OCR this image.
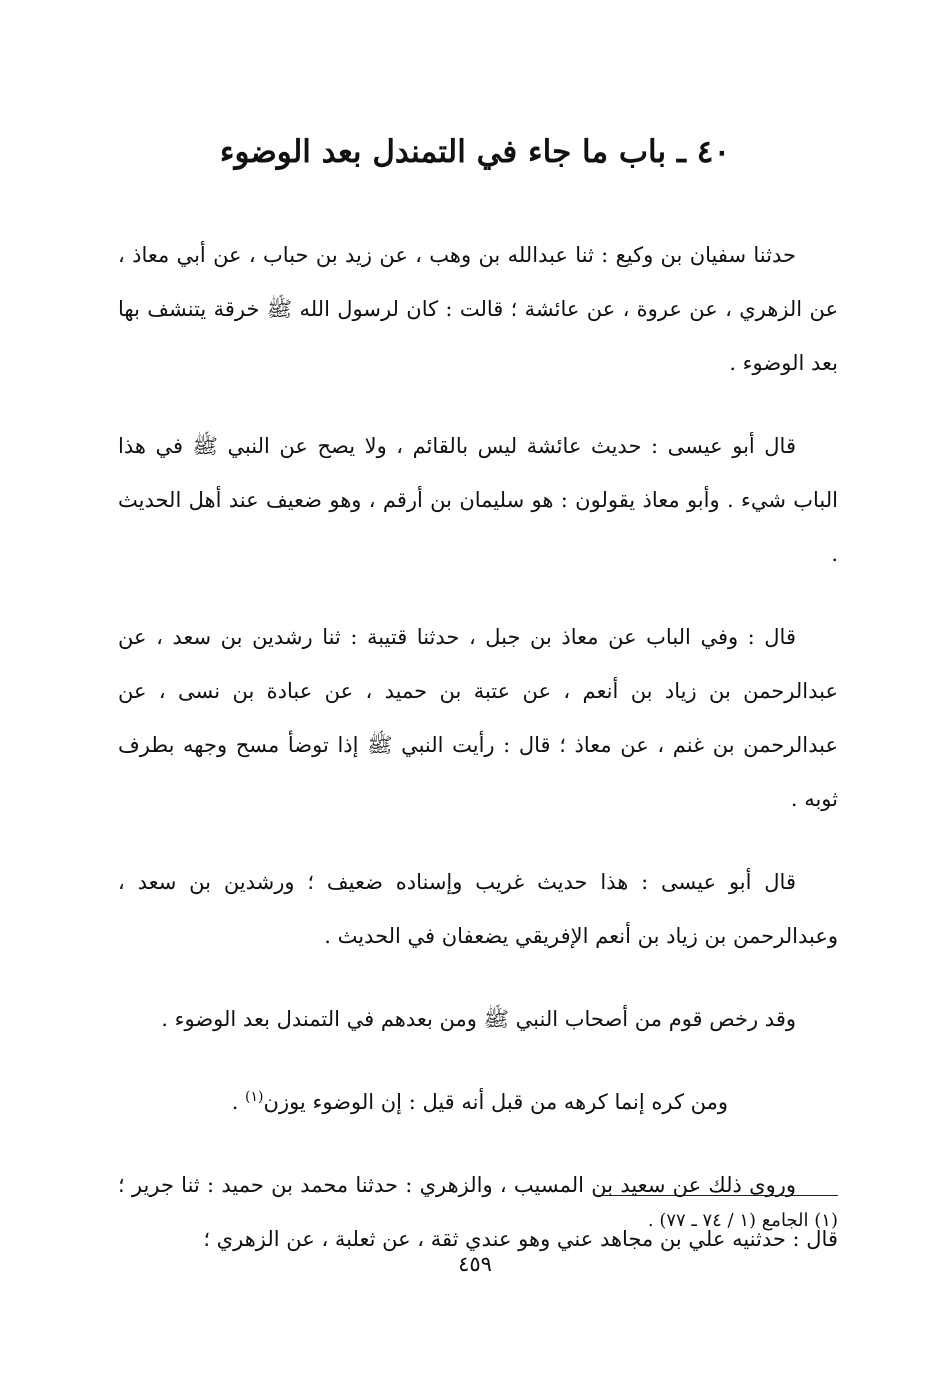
٤٠ ـ باب ما جاء في التمندل بعد الوضوء

حدثنا سفيان بن وكيع : ثنا عبدالله بن وهب ، عن زيد بن حباب ، عن أبي معاذ ، عن الزهري ، عن عروة ، عن عائشة ؛ قالت : كان لرسول الله ﷺ خرقة يتنشف بها بعد الوضوء .

قال أبو عيسى : حديث عائشة ليس بالقائم ، ولا يصح عن النبي ﷺ في هذا الباب شيء . وأبو معاذ يقولون : هو سليمان بن أرقم ، وهو ضعيف عند أهل الحديث .

قال : وفي الباب عن معاذ بن جبل ، حدثنا قتيبة : ثنا رشدين بن سعد ، عن عبدالرحمن بن زياد بن أنعم ، عن عتبة بن حميد ، عن عبادة بن نسى ، عن عبدالرحمن بن غنم ، عن معاذ ؛ قال : رأيت النبي ﷺ إذا توضأ مسح وجهه بطرف ثوبه .

قال أبو عيسى : هذا حديث غريب وإسناده ضعيف ؛ ورشدين بن سعد ، وعبدالرحمن بن زياد بن أنعم الإفريقي يضعفان في الحديث .

وقد رخص قوم من أصحاب النبي ﷺ ومن بعدهم في التمندل بعد الوضوء .

ومن كره إنما كرهه من قبل أنه قيل : إن الوضوء يوزن$^{(١)}$ .

وروى ذلك عن سعيد بن المسيب ، والزهري : حدثنا محمد بن حميد : ثنا جرير ؛ قال : حدثنيه علي بن مجاهد عني وهو عندي ثقة ، عن ثعلبة ، عن الزهري ؛

(١) الجامع (١ / ٧٤ ـ ٧٧) .
٤٥٩
